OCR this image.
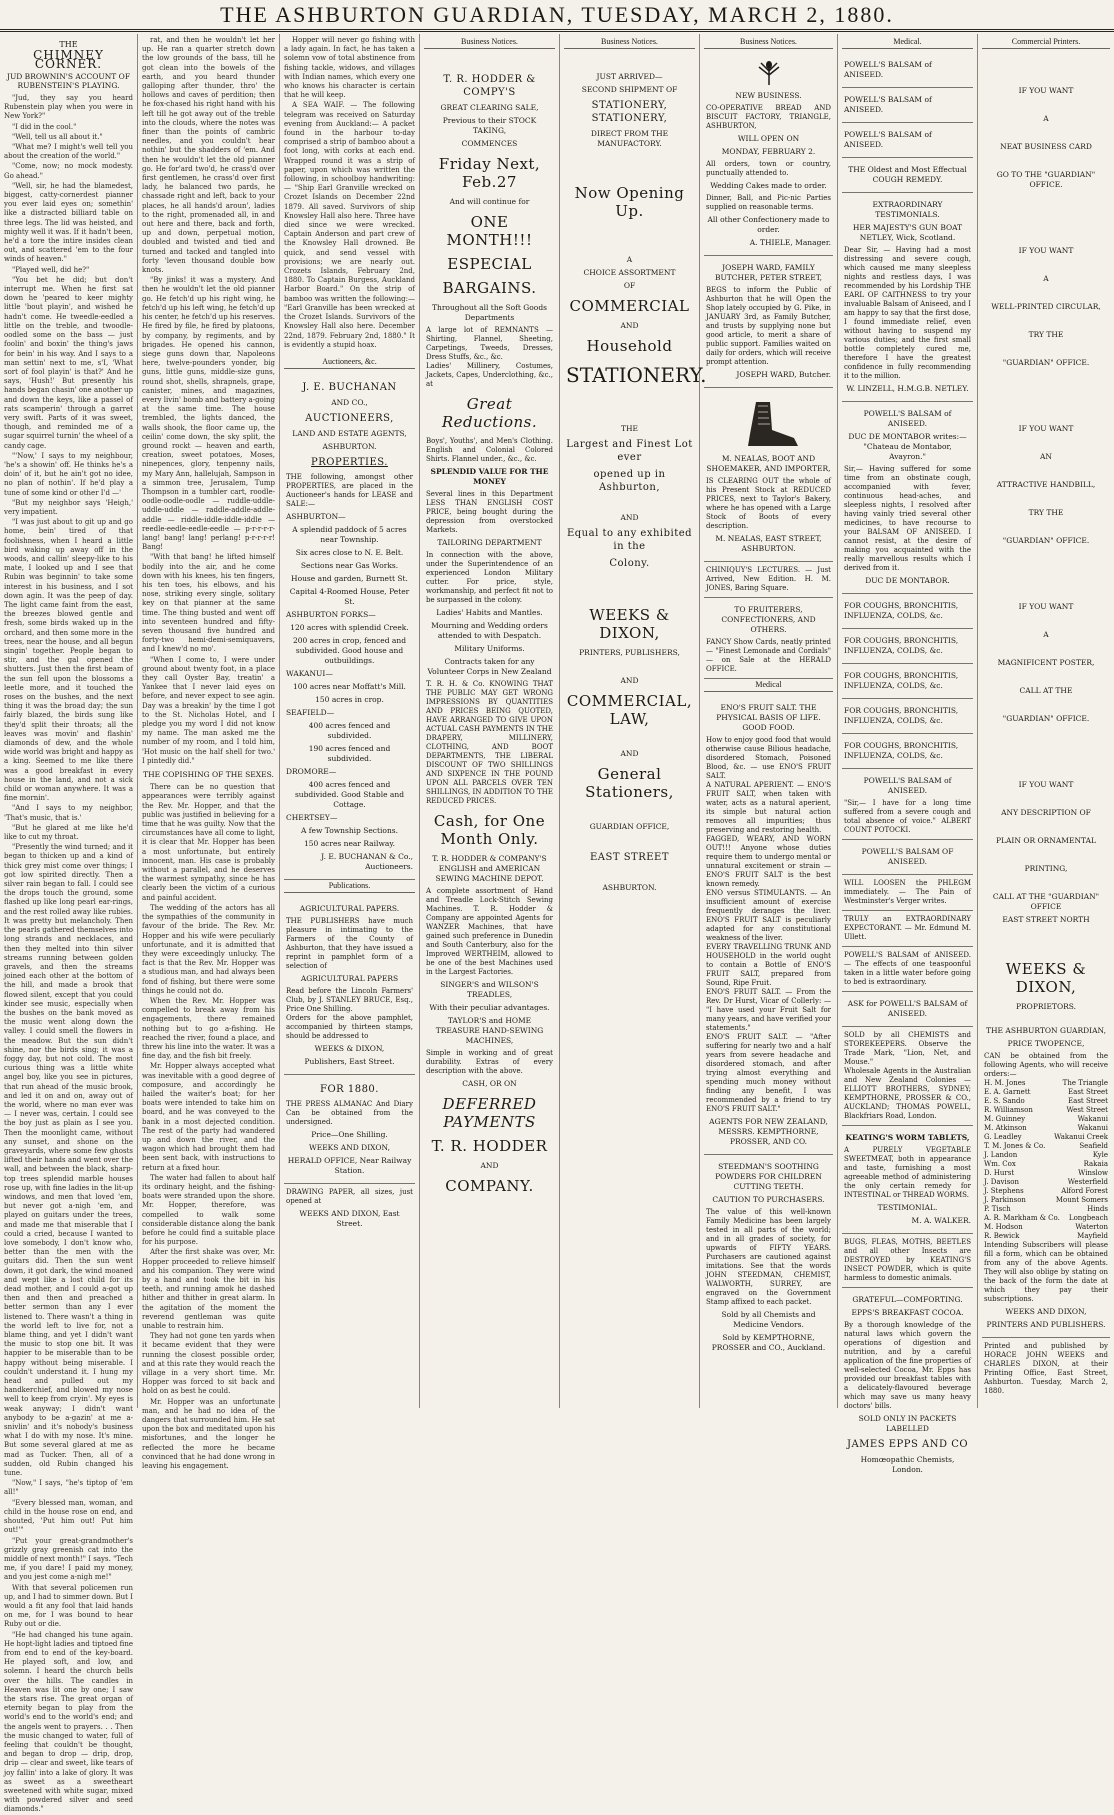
THE ASHBURTON GUARDIAN, TUESDAY, MARCH 2, 1880.
THE
CHIMNEY CORNER.
JUD BROWNIN'S ACCOUNT OF RUBENSTEIN'S PLAYING.

"Jud, they say you heard Rubenstein play when you were in New York?"

"I did in the cool."

"Well, tell us all about it."

"What me? I might's well tell you about the creation of the world."

"Come, now; no mock modesty. Go ahead."

"Well, sir, he had the blamedest, biggest, catty-cornerdest pianner you ever laid eyes on; somethin' like a distracted billiard table on three legs. The lid was heisted, and mighty well it was. If it hadn't been, he'd a tore the intire insides clean out, and scattered 'em to the four winds of heaven."

"Played well, did he?"

"You bet he did; but don't interrupt me. When he first sat down he 'peared to keer mighty little 'bout playin', and wished he hadn't come. He tweedle-eedled a little on the treble, and twoodle-oodled some on the bass — just foolin' and boxin' the thing's jaws for bein' in his way. And I says to a man settin' next to me, s'I, 'What sort of fool playin' is that?' And he says, 'Hush!' But presently his hands began chasin' one another up and down the keys, like a passel of rats scamperin' through a garret very swift. Parts of it was sweet, though, and reminded me of a sugar squirrel turnin' the wheel of a candy cage.

"'Now,' I says to my neighbour, 'he's a showin' off. He thinks he's a doin' of it, but he ain't got no idee, no plan of nothin'. If he'd play a tune of some kind or other I'd —'

"But my neighbor says 'Heigh,' very impatient.

"I was just about to git up and go home, bein' tired of that foolishness, when I heard a little bird waking up away off in the woods, and callin' sleepy-like to his mate, I looked up and I see that Rubin was beginnin' to take some interest in his business, and I sot down agin. It was the peep of day. The light came faint from the east, the breezes blowed gentle and fresh, some birds waked up in the orchard, and then some more in the trees, near the house, and all begun singin' together. People began to stir, and the gal opened the shutters. Just then the first beam of the sun fell upon the blossoms a leetle more, and it touched the roses on the bushes, and the next thing it was the broad day; the sun fairly blazed, the birds sung like they'd split their throats; all the leaves was movin' and flashin' diamonds of dew, and the whole wide world was bright and happy as a king. Seemed to me like there was a good breakfast in every house in the land, and not a sick child or woman anywhere. It was a fine mornin'.

"And I says to my neighbor, 'That's music, that is.'

"But he glared at me like he'd like to cut my throat.

"Presently the wind turned; and it began to thicken up and a kind of thick grey mist come over things; I got low spirited directly. Then a silver rain began to fall. I could see the drops touch the ground, some flashed up like long pearl ear-rings, and the rest rolled away like rubies. It was pretty but melancholy. Then the pearls gathered themselves into long strands and necklaces, and then they melted into thin silver streams running between golden gravels, and then the streams joined each other at the bottom of the hill, and made a brook that flowed silent, except that you could kinder see music, especially when the bushes on the bank moved as the music went along down the valley. I could smell the flowers in the meadow. But the sun didn't shine, nor the birds sing; it was a foggy day, but not cold. The most curious thing was a little white angel boy, like you see in pictures, that run ahead of the music brook, and led it on and on, away out of the world, where no man ever was — I never was, certain. I could see the boy just as plain as I see you. Then the moonlight came, without any sunset, and shone on the graveyards, where some few ghosts lifted their hands and went over the wall, and between the black, sharp-top trees splendid marble houses rose up, with fine ladies in the lit-up windows, and men that loved 'em, but never got a-nigh 'em, and played on guitars under the trees, and made me that miserable that I could a cried, because I wanted to love somebody, I don't know who, better than the men with the guitars did. Then the sun went down, it got dark, the wind moaned and wept like a lost child for its dead mother, and I could a-got up then and then and preached a better sermon than any I ever listened to. There wasn't a thing in the world left to live for, not a blame thing, and yet I didn't want the music to stop one bit. It was happier to be miserable than to be happy without being miserable. I couldn't understand it. I hung my head and pulled out my handkerchief, and blowed my nose well to keep from cryin'. My eyes is weak anyway; I didn't want anybody to be a-gazin' at me a-snivlin' and it's nobody's business what I do with my nose. It's mine. But some several glared at me as mad as Tucker. Then, all of a sudden, old Rubin changed his tune.

"Now," I says, "he's tiptop of 'em all!"

"Every blessed man, woman, and child in the house rose on end, and shouted, 'Put him out! Put him out!'"

"Put your great-grandmother's grizzly gray greenish cat into the middle of next month!" I says. "Tech me, if you dare! I paid my money, and you jest come a-nigh me!"

With that several policemen run up, and I had to simmer down. But I would a fit any fool that laid hands on me, for I was bound to hear Ruby out or die.

"He had changed his tune again. He hopt-light ladies and tiptoed fine from end to end of the key-board. He played soft, and low, and solemn. I heard the church bells over the hills. The candles in Heaven was lit one by one; I saw the stars rise. The great organ of eternity began to play from the world's end to the world's end; and the angels went to prayers. . . Then the music changed to water, full of feeling that couldn't be thought, and began to drop — drip, drop, drip — clear and sweet, like tears of joy fallin' into a lake of glory. It was as sweet as a sweetheart sweetened with white sugar, mixed with powdered silver and seed diamonds."

rat, and then he wouldn't let her up. He ran a quarter stretch down the low grounds of the bass, till he got clean into the bowels of the earth, and you heard thunder galloping after thunder, thro' the hollows and caves of perdition; then he fox-chased his right hand with his left till he got away out of the treble into the clouds, where the notes was finer than the points of cambric needles, and you couldn't hear nothin' but the shadders of 'em. And then he wouldn't let the old pianner go. He for'ard two'd, he crass'd over first gentlemen, he crass'd over first lady, he balanced two pards, he chassade right and left, back to your places, he all hands'd aroun', ladies to the right, promenaded all, in and out here and there, back and forth, up and down, perpetual motion, doubled and twisted and tied and turned and tacked and tangled into forty 'leven thousand double bow knots.

"By jinks! it was a mystery. And then he wouldn't let the old pianner go. He fetch'd up his right wing, he fetch'd up his left wing, he fetch'd up his center, he fetch'd up his reserves. He fired by file, he fired by platoons, by company, by regiments, and by brigades. He opened his cannon, siege guns down thar, Napoleons here, twelve-pounders yonder, big guns, little guns, middle-size guns, round shot, shells, shrapnels, grape, canister, mines, and magazines, every livin' bomb and battery a-going at the same time. The house trembled, the lights danced, the walls shook, the floor came up, the ceilin' come down, the sky split, the ground rockt — heaven and earth, creation, sweet potatoes, Moses, ninepences, glory, tenpenny nails, my Mary Ann, hallelujah, Sampson in a simmon tree, Jerusalem, Tump Thompson in a tumbler cart, roodle-oodle-oodle-oodle — ruddle-uddle-uddle-uddle — raddle-addle-addle-addle — riddle-iddle-iddle-iddle — reedle-eedle-eedle-eedle — p-r-r-r-r-lang! bang! lang! perlang! p-r-r-r-r! Bang!

"With that bang! he lifted himself bodily into the air, and he come down with his knees, his ten fingers, his ten toes, his elbows, and his nose, striking every single, solitary key on that pianner at the same time. The thing busted and went off into seventeen hundred and fifty-seven thousand five hundred and forty-two hemi-demi-semiquavers, and I knew'd no mo'.

"When I come to, I were under ground about twenty foot, in a place they call Oyster Bay, treatin' a Yankee that I never laid eyes on before, and never expect to see agin. Day was a breakin' by the time I got to the St. Nicholas Hotel, and I pledge you my word I did not know my name. The man asked me the number of my room, and I told him, 'Hot music on the half shell for two.' I pintedly did."

THE COPISHING OF THE SEXES.

There can be no question that appearances were terribly against the Rev. Mr. Hopper, and that the public was justified in believing for a time that he was guilty. Now that the circumstances have all come to light, it is clear that Mr. Hopper has been a most unfortunate, but entirely innocent, man. His case is probably without a parallel, and he deserves the warmest sympathy, since he has clearly been the victim of a curious and painful accident.

The wedding of the actors has all the sympathies of the community in favour of the bride. The Rev. Mr. Hopper and his wife were peculiarly unfortunate, and it is admitted that they were exceedingly unlucky. The fact is that the Rev. Mr. Hopper was a studious man, and had always been fond of fishing, but there were some things he could not do.

When the Rev. Mr. Hopper was compelled to break away from his engagements, there remained nothing but to go a-fishing. He reached the river, found a place, and threw his line into the water. It was a fine day, and the fish bit freely.

Mr. Hopper always accepted what was inevitable with a good degree of composure, and accordingly he hailed the waiter's boat; for her boats were intended to take him on board, and he was conveyed to the bank in a most dejected condition. The rest of the party had wandered up and down the river, and the wagon which had brought them had been sent back, with instructions to return at a fixed hour.

The water had fallen to about half its ordinary height, and the fishing-boats were stranded upon the shore. Mr. Hopper, therefore, was compelled to walk some considerable distance along the bank before he could find a suitable place for his purpose.

After the first shake was over, Mr. Hopper proceeded to relieve himself and his companion. They were wind by a hand and took the bit in his teeth, and running amok he dashed hither and thither in great alarm. In the agitation of the moment the reverend gentleman was quite unable to restrain him.

They had not gone ten yards when it became evident that they were running the closest possible order, and at this rate they would reach the village in a very short time. Mr. Hopper was forced to sit back and hold on as best he could.

Mr. Hopper was an unfortunate man, and he had no idea of the dangers that surrounded him. He sat upon the box and meditated upon his misfortunes, and the longer he reflected the more he became convinced that he had done wrong in leaving his engagement.

Hopper will never go fishing with a lady again. In fact, he has taken a solemn vow of total abstinence from fishing tackle, widows, and villages with Indian names, which every one who knows his character is certain that he will keep.

A SEA WAIF. — The following telegram was received on Saturday evening from Auckland:— A packet found in the harbour to-day comprised a strip of bamboo about a foot long, with corks at each end. Wrapped round it was a strip of paper, upon which was written the following, in schoolboy handwriting:— "Ship Earl Granville wrecked on Crozet Islands on December 22nd 1879. All saved. Survivors of ship Knowsley Hall also here. Three have died since we were wrecked. Captain Anderson and part crew of the Knowsley Hall drowned. Be quick, and send vessel with provisions; we are nearly out. Crozets Islands, February 2nd, 1880. To Captain Burgess, Auckland Harbor Board." On the strip of bamboo was written the following:— "Earl Granville has been wrecked at the Crozet Islands. Survivors of the Knowsley Hall also here. December 22nd, 1879. February 2nd, 1880." It is evidently a stupid hoax.

Auctioneers, &c.
J. E. BUCHANAN
AND CO.,
AUCTIONEERS,
LAND AND ESTATE AGENTS,
ASHBURTON.
PROPERTIES.
THE following, amongst other PROPERTIES, are placed in the Auctioneer's hands for LEASE and SALE:—
ASHBURTON—
A splendid paddock of 5 acres near Township.
Six acres close to N. E. Belt.
Sections near Gas Works.
House and garden, Burnett St.
Capital 4-Roomed House, Peter St.
ASHBURTON FORKS—
120 acres with splendid Creek.
200 acres in crop, fenced and subdivided. Good house and outbuildings.
WAKANUI—
100 acres near Moffatt's Mill.
150 acres in crop.
SEAFIELD—
400 acres fenced and subdivided.
190 acres fenced and subdivided.
DROMORE—
400 acres fenced and subdivided. Good Stable and Cottage.
CHERTSEY—
A few Township Sections.
150 acres near Railway.
J. E. BUCHANAN & Co., Auctioneers.
Publications.
AGRICULTURAL PAPERS.
THE PUBLISHERS have much pleasure in intimating to the Farmers of the County of Ashburton, that they have issued a reprint in pamphlet form of a selection of
AGRICULTURAL PAPERS
Read before the Lincoln Farmers' Club, by J. STANLEY BRUCE, Esq., Price One Shilling.
Orders for the above pamphlet, accompanied by thirteen stamps, should be addressed to
WEEKS & DIXON,
Publishers, East Street.
FOR 1880.
THE PRESS ALMANAC And Diary Can be obtained from the undersigned.
Price—One Shilling.
WEEKS AND DIXON,
HERALD OFFICE, Near Railway Station.
DRAWING PAPER, all sizes, just opened at
WEEKS AND DIXON, East Street.
Business Notices.
T. R. HODDER & COMPY'S
GREAT CLEARING SALE,
Previous to their STOCK TAKING,
COMMENCES
Friday Next, Feb.27
And will continue for
ONE MONTH!!!
ESPECIAL
BARGAINS.
Throughout all the Soft Goods Departments
A large lot of REMNANTS — Shirting, Flannel, Sheeting, Carpetings, Tweeds, Dresses, Dress Stuffs, &c., &c.
Ladies' Millinery, Costumes, Jackets, Capes, Underclothing, &c., at
Great Reductions.
Boys', Youths', and Men's Clothing. English and Colonial Colored Shirts. Flannel under., &c., &c.
SPLENDID VALUE FOR THE MONEY
Several lines in this Department LESS THAN ENGLISH COST PRICE, being bought during the depression from overstocked Markets.
TAILORING DEPARTMENT
In connection with the above, under the Superintendence of an experienced London Military cutter. For price, style, workmanship, and perfect fit not to be surpassed in the colony.
Ladies' Habits and Mantles.
Mourning and Wedding orders attended to with Despatch.
Military Uniforms.
Contracts taken for any Volunteer Corps in New Zealand
T. R. H. & Co. KNOWING THAT THE PUBLIC MAY GET WRONG IMPRESSIONS BY QUANTITIES AND PRICES BEING QUOTED, HAVE ARRANGED TO GIVE UPON ACTUAL CASH PAYMENTS IN THE DRAPERY, MILLINERY, CLOTHING, AND BOOT DEPARTMENTS, THE LIBERAL DISCOUNT OF TWO SHILLINGS AND SIXPENCE IN THE POUND UPON ALL PARCELS OVER TEN SHILLINGS, IN ADDITION TO THE REDUCED PRICES.
Cash, for One Month Only.
T. R. HODDER & COMPANY'S ENGLISH and AMERICAN SEWING MACHINE DEPOT.
A complete assortment of Hand and Treadle Lock-Stitch Sewing Machines. T. R. Hodder & Company are appointed Agents for WANZER Machines, that have gained such preference in Dunedin and South Canterbury, also for the Improved WERTHEIM, allowed to be one of the best Machines used in the Largest Factories.
SINGER'S and WILSON'S TREADLES,
With their peculiar advantages.
TAYLOR'S and HOME TREASURE HAND-SEWING MACHINES,
Simple in working and of great durability. Extras of every description with the above.
CASH, OR ON
DEFERRED PAYMENTS
T. R. HODDER
AND
COMPANY.
Business Notices.
JUST ARRIVED—
SECOND SHIPMENT OF
STATIONERY, STATIONERY,
DIRECT FROM THE MANUFACTORY.
Now Opening Up.
A
CHOICE ASSORTMENT
OF
COMMERCIAL
AND
Household
STATIONERY.
THE
Largest and Finest Lot ever
opened up in Ashburton,
AND
Equal to any exhibited in the
Colony.
WEEKS & DIXON,
PRINTERS, PUBLISHERS,
AND
COMMERCIAL, LAW,
AND
General Stationers,
GUARDIAN OFFICE,
EAST STREET
ASHBURTON.
Business Notices.
NEW BUSINESS.
CO-OPERATIVE BREAD AND BISCUIT FACTORY, TRIANGLE, ASHBURTON,
WILL OPEN ON
MONDAY, FEBRUARY 2.
All orders, town or country, punctually attended to.
Wedding Cakes made to order.
Dinner, Ball, and Pic-nic Parties supplied on reasonable terms.
All other Confectionery made to order.
A. THIELE, Manager.
JOSEPH WARD, FAMILY BUTCHER, PETER STREET,
BEGS to inform the Public of Ashburton that he will Open the Shop lately occupied by G. Pike, in JANUARY 3rd, as Family Butcher, and trusts by supplying none but good article, to merit a share of public support. Families waited on daily for orders, which will receive prompt attention.
JOSEPH WARD, Butcher.
M. NEALAS, BOOT AND SHOEMAKER, AND IMPORTER,
IS CLEARING OUT the whole of his Present Stock at REDUCED PRICES, next to Taylor's Bakery, where he has opened with a Large Stock of Boots of every description.
M. NEALAS, EAST STREET, ASHBURTON.
CHINIQUY'S LECTURES. — Just Arrived, New Edition. H. M. JONES, Baring Square.
TO FRUITERERS, CONFECTIONERS, AND OTHERS.
FANCY Show Cards, neatly printed — "Finest Lemonade and Cordials" — on Sale at the HERALD OFFICE.
Medical
ENO'S FRUIT SALT. THE PHYSICAL BASIS OF LIFE. GOOD FOOD.
How to enjoy good food that would otherwise cause Bilious headache, disordered Stomach, Poisoned Blood, &c. — use ENO'S FRUIT SALT.
A NATURAL APERIENT. — ENO'S FRUIT SALT, when taken with water, acts as a natural aperient, its simple but natural action removes all impurities; thus preserving and restoring health.
FAGGED, WEARY, AND WORN OUT!!! Anyone whose duties require them to undergo mental or unnatural excitement or strain — ENO'S FRUIT SALT is the best known remedy.
ENO versus STIMULANTS. — An insufficient amount of exercise frequently deranges the liver. ENO'S FRUIT SALT is peculiarly adapted for any constitutional weakness of the liver.
EVERY TRAVELLING TRUNK AND HOUSEHOLD in the world ought to contain a Bottle of ENO'S FRUIT SALT, prepared from Sound, Ripe Fruit.
ENO'S FRUIT SALT. — From the Rev. Dr Hurst, Vicar of Collerly: — "I have used your Fruit Salt for many years, and have verified your statements."
ENO'S FRUIT SALT. — "After suffering for nearly two and a half years from severe headache and disordered stomach, and after trying almost everything and spending much money without finding any benefit, I was recommended by a friend to try ENO'S FRUIT SALT."
AGENTS FOR NEW ZEALAND, MESSRS. KEMPTHORNE, PROSSER, AND CO.
STEEDMAN'S SOOTHING POWDERS FOR CHILDREN CUTTING TEETH.
CAUTION TO PURCHASERS.
The value of this well-known Family Medicine has been largely tested in all parts of the world; and in all grades of society, for upwards of FIFTY YEARS. Purchasers are cautioned against imitations. See that the words JOHN STEEDMAN, CHEMIST, WALWORTH, SURREY, are engraved on the Government Stamp affixed to each packet.
Sold by all Chemists and Medicine Vendors.
Sold by KEMPTHORNE, PROSSER and CO., Auckland.
Medical.
POWELL'S BALSAM of ANISEED.
POWELL'S BALSAM of ANISEED.
POWELL'S BALSAM of ANISEED.
THE Oldest and Most Effectual COUGH REMEDY.
EXTRAORDINARY TESTIMONIALS.
HER MAJESTY'S GUN BOAT NETLEY, Wick, Scotland.
Dear Sir, — Having had a most distressing and severe cough, which caused me many sleepless nights and restless days, I was recommended by his Lordship THE EARL OF CAITHNESS to try your invaluable Balsam of Aniseed, and I am happy to say that the first dose, I found immediate relief, even without having to suspend my various duties; and the first small bottle completely cured me, therefore I have the greatest confidence in fully recommending it to the million.
W. LINZELL, H.M.G.B. NETLEY.
POWELL'S BALSAM of ANISEED.
DUC DE MONTABOR writes:— "Chateau de Montabor, Avayron."
Sir,— Having suffered for some time from an obstinate cough, accompanied with fever, continuous head-aches, and sleepless nights, I resolved after having vainly tried several other medicines, to have recourse to your BALSAM OF ANISEED. I cannot resist, at the desire of making you acquainted with the really marvellous results which I derived from it.
DUC DE MONTABOR.
FOR COUGHS, BRONCHITIS, INFLUENZA, COLDS, &c.
FOR COUGHS, BRONCHITIS, INFLUENZA, COLDS, &c.
FOR COUGHS, BRONCHITIS, INFLUENZA, COLDS, &c.
FOR COUGHS, BRONCHITIS, INFLUENZA, COLDS, &c.
FOR COUGHS, BRONCHITIS, INFLUENZA, COLDS, &c.
POWELL'S BALSAM of ANISEED.
"Sir,— I have for a long time suffered from a severe cough and total absence of voice." ALBERT COUNT POTOCKI.
POWELL'S BALSAM OF ANISEED.
WILL LOOSEN the PHLEGM immediately. — The Pain of Westminster's Verger writes.
TRULY an EXTRAORDINARY EXPECTORANT. — Mr. Edmund M. Ullett.
POWELL'S BALSAM of ANISEED. — The effects of one teaspoonful taken in a little water before going to bed is extraordinary.
ASK for POWELL'S BALSAM of ANISEED.
SOLD by all CHEMISTS and STOREKEEPERS. Observe the Trade Mark, "Lion, Net, and Mouse."
Wholesale Agents in the Australian and New Zealand Colonies — ELLIOTT BROTHERS, SYDNEY; KEMPTHORNE, PROSSER & CO., AUCKLAND; THOMAS POWELL, Blackfriars Road, London.
KEATING'S WORM TABLETS,
A PURELY VEGETABLE SWEETMEAT, both in appearance and taste, furnishing a most agreeable method of administering the only certain remedy for INTESTINAL or THREAD WORMS.
TESTIMONIAL.
M. A. WALKER.
BUGS, FLEAS, MOTHS, BEETLES and all other Insects are DESTROYED by KEATING'S INSECT POWDER, which is quite harmless to domestic animals.
GRATEFUL—COMFORTING.
EPPS'S BREAKFAST COCOA.
By a thorough knowledge of the natural laws which govern the operations of digestion and nutrition, and by a careful application of the fine properties of well-selected Cocoa, Mr. Epps has provided our breakfast tables with a delicately-flavoured beverage which may save us many heavy doctors' bills.
SOLD ONLY IN PACKETS LABELLED
JAMES EPPS AND CO
Homœopathic Chemists, London.
Commercial Printers.
IF YOU WANT
A
NEAT BUSINESS CARD
GO TO THE "GUARDIAN" OFFICE.
IF YOU WANT
A
WELL-PRINTED CIRCULAR,
TRY THE
"GUARDIAN" OFFICE.
IF YOU WANT
AN
ATTRACTIVE HANDBILL,
TRY THE
"GUARDIAN" OFFICE.
IF YOU WANT
A
MAGNIFICENT POSTER,
CALL AT THE
"GUARDIAN" OFFICE.
IF YOU WANT
ANY DESCRIPTION OF
PLAIN OR ORNAMENTAL
PRINTING,
CALL AT THE "GUARDIAN" OFFICE
EAST STREET NORTH
WEEKS & DIXON,
PROPRIETORS.
THE ASHBURTON GUARDIAN,
PRICE TWOPENCE,
CAN be obtained from the following Agents, who will receive orders:—
H. M. Jones	The Triangle
E. A. Garnett	East Street
E. S. Sando	East Street
R. Williamson	West Street
M. Guinney	Wakanui
M. Atkinson	Wakanui
G. Leadley	Wakanui Creek
T. M. Jones & Co.	Seafield
J. Landon	Kyle
Wm. Cox	Rakaia
D. Hurst	Winslow
J. Davison	Westerfield
J. Stephens	Alford Forest
J. Parkinson	Mount Somers
P. Tisch	Hinds
A. R. Markham & Co. Longbeach
M. Hodson	Waterton
R. Bewick	Mayfield
Intending Subscribers will please fill a form, which can be obtained from any of the above Agents. They will also oblige by stating on the back of the form the date at which they pay their subscriptions.
WEEKS AND DIXON,
PRINTERS AND PUBLISHERS.
Printed and published by HORACE JOHN WEEKS and CHARLES DIXON, at their Printing Office, East Street, Ashburton. Tuesday, March 2, 1880.
